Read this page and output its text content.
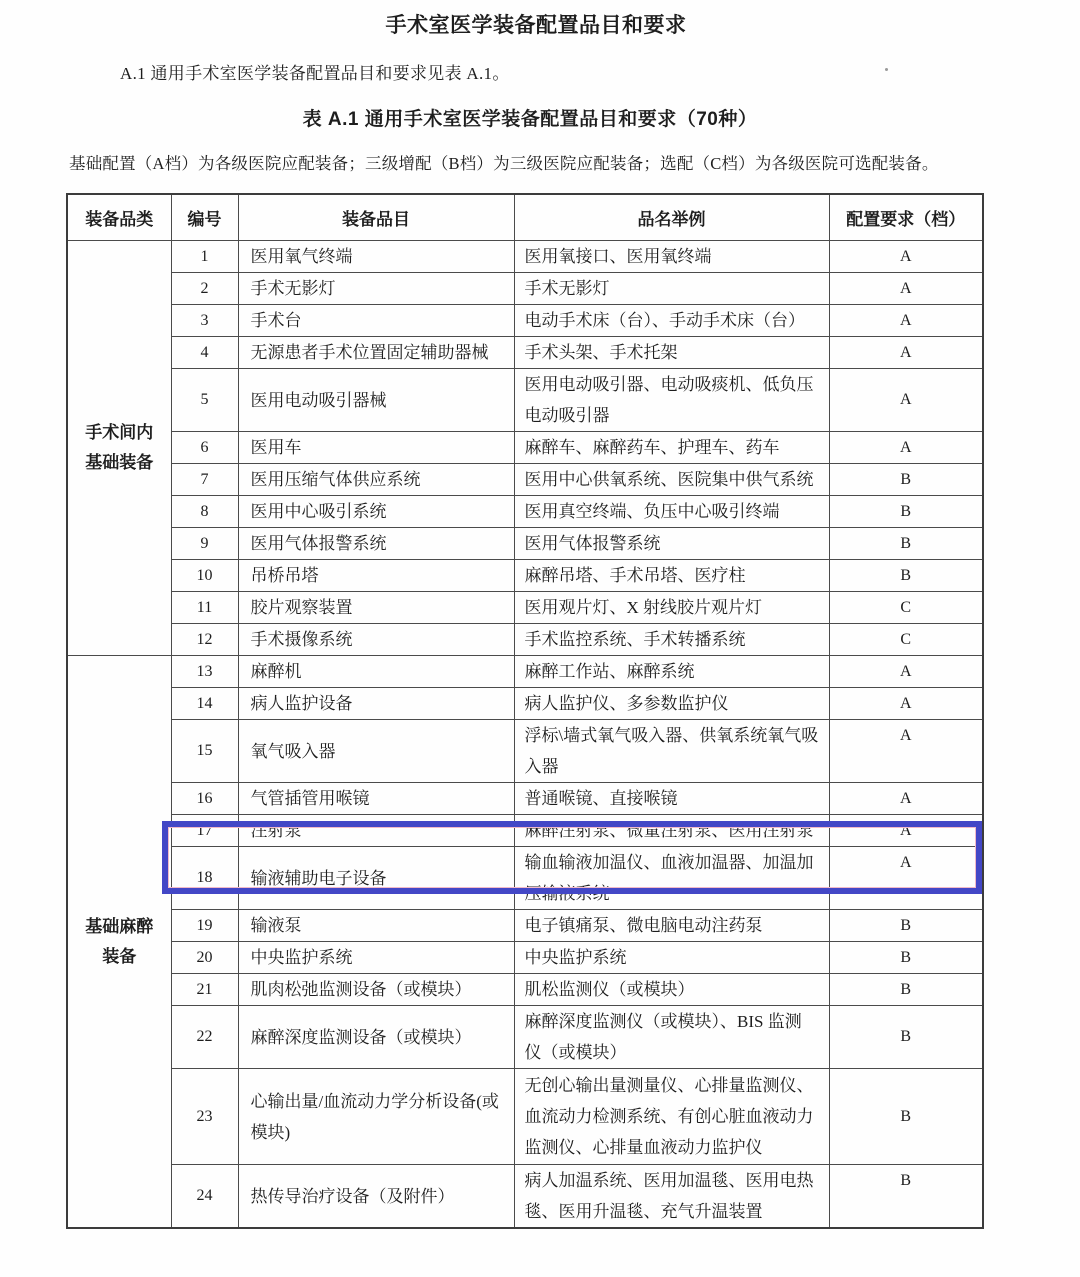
手术室医学装备配置品目和要求
A.1 通用手术室医学装备配置品目和要求见表 A.1。
表 A.1 通用手术室医学装备配置品目和要求（70种）
基础配置（A档）为各级医院应配装备；三级增配（B档）为三级医院应配装备；选配（C档）为各级医院可选配装备。
装备品类	编号	装备品目	品名举例	配置要求（档）
手术间内基础装备	1	医用氧气终端	医用氧接口、医用氧终端	A
	2	手术无影灯	手术无影灯	A
	3	手术台	电动手术床（台）、手动手术床（台）	A
	4	无源患者手术位置固定辅助器械	手术头架、手术托架	A
	5	医用电动吸引器械	医用电动吸引器、电动吸痰机、低负压电动吸引器	A
	6	医用车	麻醉车、麻醉药车、护理车、药车	A
	7	医用压缩气体供应系统	医用中心供氧系统、医院集中供气系统	B
	8	医用中心吸引系统	医用真空终端、负压中心吸引终端	B
	9	医用气体报警系统	医用气体报警系统	B
	10	吊桥吊塔	麻醉吊塔、手术吊塔、医疗柱	B
	11	胶片观察装置	医用观片灯、X 射线胶片观片灯	C
	12	手术摄像系统	手术监控系统、手术转播系统	C
基础麻醉装备	13	麻醉机	麻醉工作站、麻醉系统	A
	14	病人监护设备	病人监护仪、多参数监护仪	A
	15	氧气吸入器	浮标\墙式氧气吸入器、供氧系统氧气吸入器	A
	16	气管插管用喉镜	普通喉镜、直接喉镜	A
	17	注射泵	麻醉注射泵、微量注射泵、医用注射泵	A
	18	输液辅助电子设备	输血输液加温仪、血液加温器、加温加压输液系统	A
	19	输液泵	电子镇痛泵、微电脑电动注药泵	B
	20	中央监护系统	中央监护系统	B
	21	肌肉松弛监测设备（或模块）	肌松监测仪（或模块）	B
	22	麻醉深度监测设备（或模块）	麻醉深度监测仪（或模块）、BIS 监测仪（或模块）	B
	23	心输出量/血流动力学分析设备(或模块)	无创心输出量测量仪、心排量监测仪、血流动力检测系统、有创心脏血液动力监测仪、心排量血液动力监护仪	B
	24	热传导治疗设备（及附件）	病人加温系统、医用加温毯、医用电热毯、医用升温毯、充气升温装置	B
